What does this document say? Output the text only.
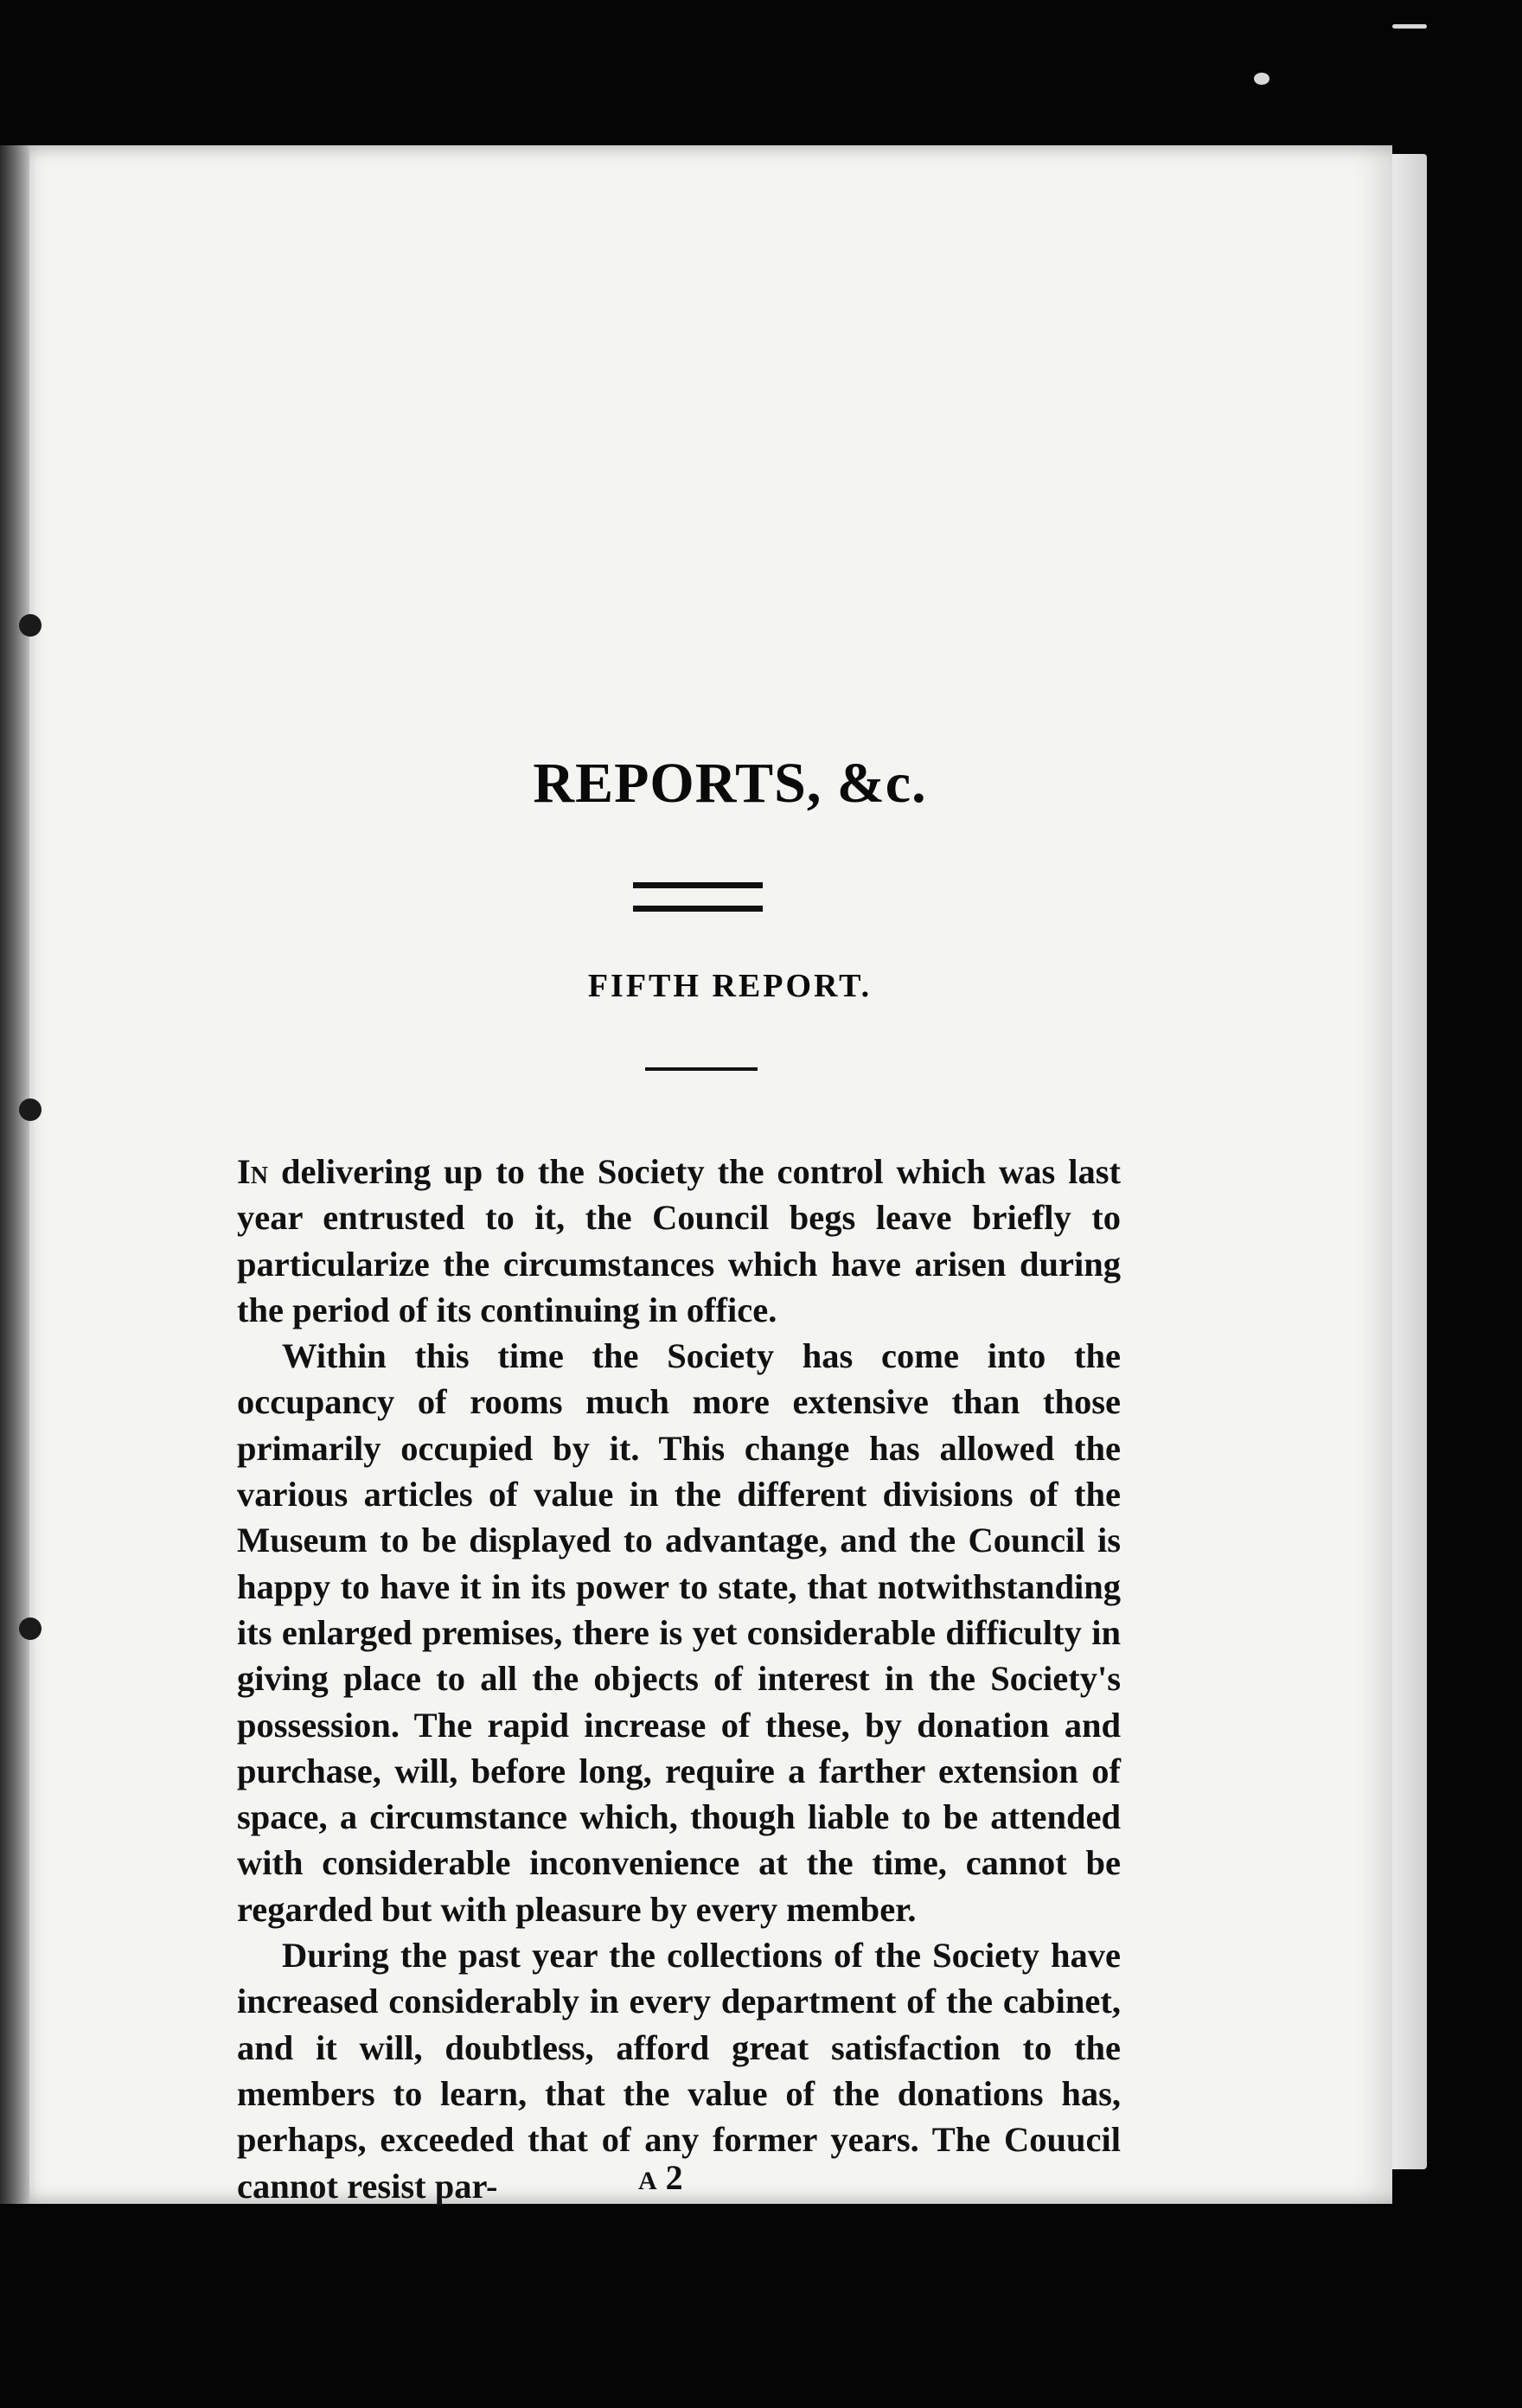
REPORTS, &c.
FIFTH REPORT.

In delivering up to the Society the control which was last year entrusted to it, the Council begs leave briefly to particularize the circumstances which have arisen during the period of its continuing in office.

Within this time the Society has come into the occupancy of rooms much more extensive than those primarily occupied by it. This change has allowed the various articles of value in the different divisions of the Museum to be displayed to advantage, and the Council is happy to have it in its power to state, that notwithstanding its enlarged premises, there is yet considerable difficulty in giving place to all the objects of interest in the Society's possession. The rapid increase of these, by donation and purchase, will, before long, require a farther extension of space, a circumstance which, though liable to be attended with considerable inconvenience at the time, cannot be regarded but with pleasure by every member.

During the past year the collections of the Society have increased considerably in every department of the cabinet, and it will, doubtless, afford great satisfaction to the members to learn, that the value of the donations has, perhaps, exceeded that of any former years. The Couucil cannot resist par-	A 2
